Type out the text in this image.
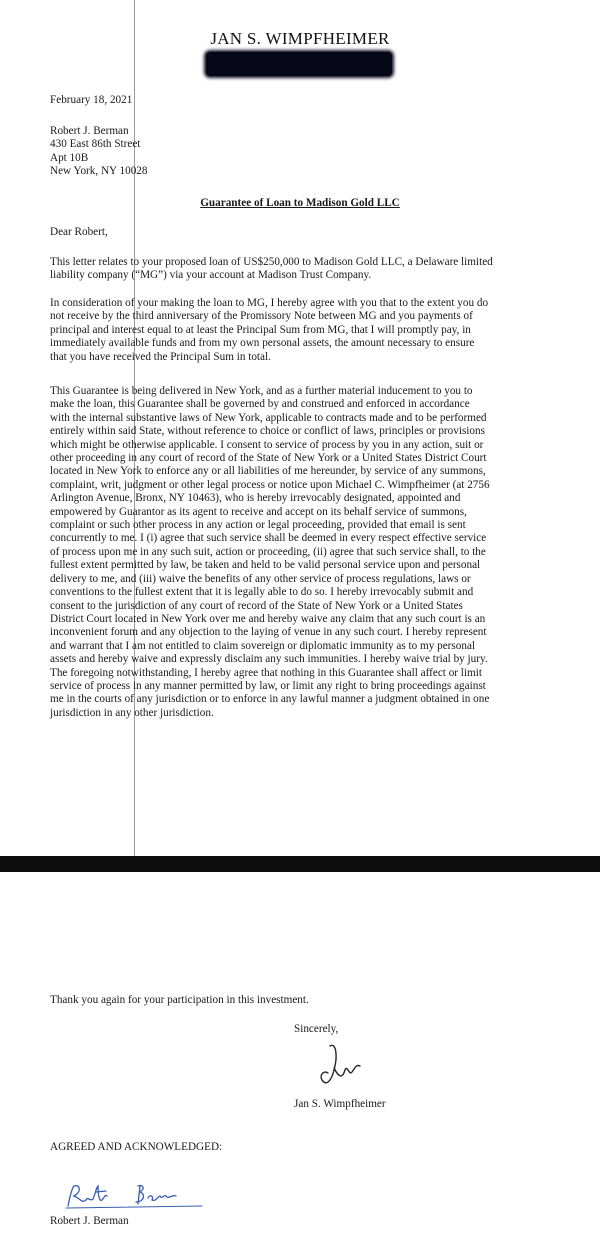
JAN S. WIMPFHEIMER
February 18, 2021
Robert J. Berman
430 East 86th Street
Apt 10B
New York, NY 10028
Guarantee of Loan to Madison Gold LLC
Dear Robert,
This letter relates to your proposed loan of US$250,000 to Madison Gold LLC, a Delaware limited
liability company (“MG”) via your account at Madison Trust Company.
In consideration of your making the loan to MG, I hereby agree with you that to the extent you do
not receive by the third anniversary of the Promissory Note between MG and you payments of
principal and interest equal to at least the Principal Sum from MG, that I will promptly pay, in
immediately available funds and from my own personal assets, the amount necessary to ensure
that you have received the Principal Sum in total.
This Guarantee is being delivered in New York, and as a further material inducement to you to
make the loan, this Guarantee shall be governed by and construed and enforced in accordance
with the internal substantive laws of New York, applicable to contracts made and to be performed
entirely within said State, without reference to choice or conflict of laws, principles or provisions
which might be otherwise applicable. I consent to service of process by you in any action, suit or
other proceeding in any court of record of the State of New York or a United States District Court
located in New York to enforce any or all liabilities of me hereunder, by service of any summons,
complaint, writ, judgment or other legal process or notice upon Michael C. Wimpfheimer (at 2756
Arlington Avenue, Bronx, NY 10463), who is hereby irrevocably designated, appointed and
empowered by Guarantor as its agent to receive and accept on its behalf service of summons,
complaint or such other process in any action or legal proceeding, provided that email is sent
concurrently to me. I (i) agree that such service shall be deemed in every respect effective service
of process upon me in any such suit, action or proceeding, (ii) agree that such service shall, to the
fullest extent permitted by law, be taken and held to be valid personal service upon and personal
delivery to me, and (iii) waive the benefits of any other service of process regulations, laws or
conventions to the fullest extent that it is legally able to do so. I hereby irrevocably submit and
consent to the jurisdiction of any court of record of the State of New York or a United States
District Court located in New York over me and hereby waive any claim that any such court is an
inconvenient forum and any objection to the laying of venue in any such court. I hereby represent
and warrant that I am not entitled to claim sovereign or diplomatic immunity as to my personal
assets and hereby waive and expressly disclaim any such immunities. I hereby waive trial by jury.
The foregoing notwithstanding, I hereby agree that nothing in this Guarantee shall affect or limit
service of process in any manner permitted by law, or limit any right to bring proceedings against
me in the courts of any jurisdiction or to enforce in any lawful manner a judgment obtained in one
jurisdiction in any other jurisdiction.
Thank you again for your participation in this investment.
Sincerely,
Jan S. Wimpfheimer
AGREED AND ACKNOWLEDGED:
Robert J. Berman
